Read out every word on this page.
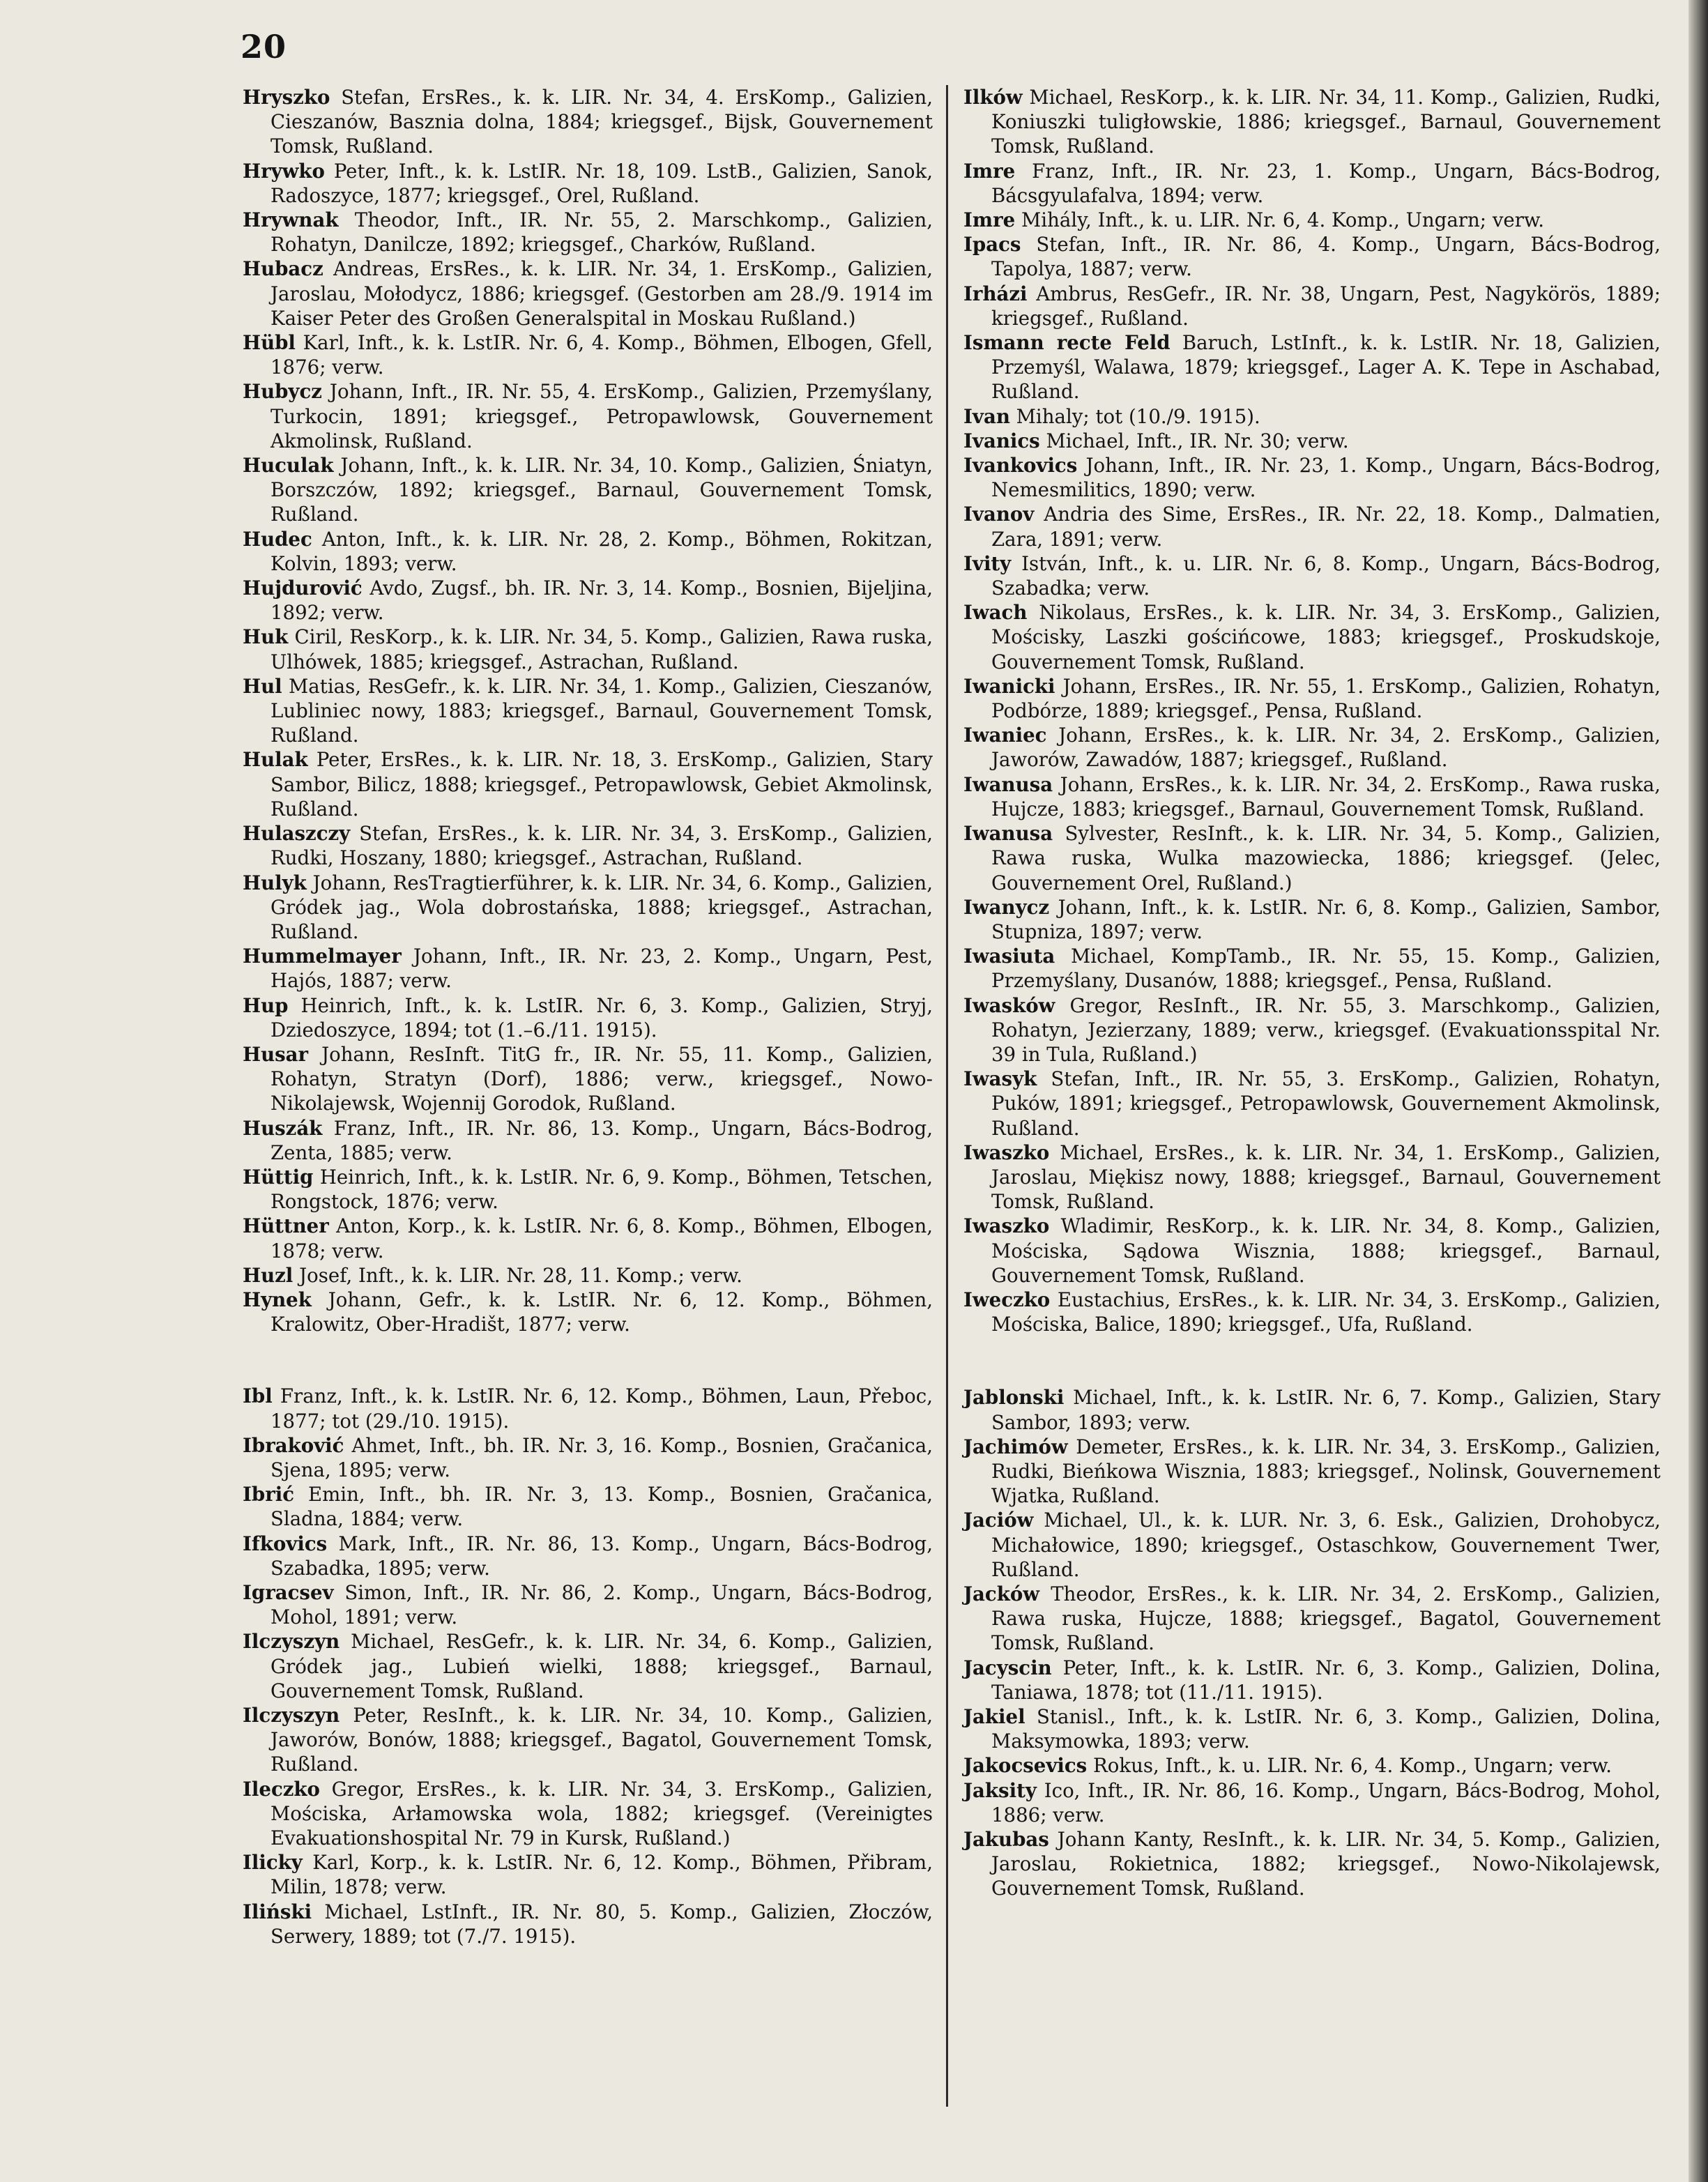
20
Hryszko Stefan, ErsRes., k. k. LIR. Nr. 34, 4. ErsKomp., Galizien, Cieszanów, Basznia dolna, 1884; kriegsgef., Bijsk, Gouvernement Tomsk, Rußland.
Hrywko Peter, Inft., k. k. LstIR. Nr. 18, 109. LstB., Galizien, Sanok, Radoszyce, 1877; kriegsgef., Orel, Rußland.
Hrywnak Theodor, Inft., IR. Nr. 55, 2. Marschkomp., Galizien, Rohatyn, Danilcze, 1892; kriegsgef., Charków, Rußland.
Hubacz Andreas, ErsRes., k. k. LIR. Nr. 34, 1. ErsKomp., Galizien, Jaroslau, Mołodycz, 1886; kriegsgef. (Gestorben am 28./9. 1914 im Kaiser Peter des Großen Generalspital in Moskau Rußland.)
Hübl Karl, Inft., k. k. LstIR. Nr. 6, 4. Komp., Böhmen, Elbogen, Gfell, 1876; verw.
Hubycz Johann, Inft., IR. Nr. 55, 4. ErsKomp., Galizien, Przemyślany, Turkocin, 1891; kriegsgef., Petropawlowsk, Gouvernement Akmolinsk, Rußland.
Huculak Johann, Inft., k. k. LIR. Nr. 34, 10. Komp., Galizien, Śniatyn, Borszczów, 1892; kriegsgef., Barnaul, Gouvernement Tomsk, Rußland.
Hudec Anton, Inft., k. k. LIR. Nr. 28, 2. Komp., Böhmen, Rokitzan, Kolvin, 1893; verw.
Hujdurović Avdo, Zugsf., bh. IR. Nr. 3, 14. Komp., Bosnien, Bijeljina, 1892; verw.
Huk Ciril, ResKorp., k. k. LIR. Nr. 34, 5. Komp., Galizien, Rawa ruska, Ulhówek, 1885; kriegsgef., Astrachan, Rußland.
Hul Matias, ResGefr., k. k. LIR. Nr. 34, 1. Komp., Galizien, Cieszanów, Lubliniec nowy, 1883; kriegsgef., Barnaul, Gouvernement Tomsk, Rußland.
Hulak Peter, ErsRes., k. k. LIR. Nr. 18, 3. ErsKomp., Galizien, Stary Sambor, Bilicz, 1888; kriegsgef., Petropawlowsk, Gebiet Akmolinsk, Rußland.
Hulaszczy Stefan, ErsRes., k. k. LIR. Nr. 34, 3. ErsKomp., Galizien, Rudki, Hoszany, 1880; kriegsgef., Astrachan, Rußland.
Hulyk Johann, ResTragtierführer, k. k. LIR. Nr. 34, 6. Komp., Galizien, Gródek jag., Wola dobrostańska, 1888; kriegsgef., Astrachan, Rußland.
Hummelmayer Johann, Inft., IR. Nr. 23, 2. Komp., Ungarn, Pest, Hajós, 1887; verw.
Hup Heinrich, Inft., k. k. LstIR. Nr. 6, 3. Komp., Galizien, Stryj, Dziedoszyce, 1894; tot (1.–6./11. 1915).
Husar Johann, ResInft. TitG fr., IR. Nr. 55, 11. Komp., Galizien, Rohatyn, Stratyn (Dorf), 1886; verw., kriegsgef., Nowo-Nikolajewsk, Wojennij Gorodok, Rußland.
Huszák Franz, Inft., IR. Nr. 86, 13. Komp., Ungarn, Bács-Bodrog, Zenta, 1885; verw.
Hüttig Heinrich, Inft., k. k. LstIR. Nr. 6, 9. Komp., Böhmen, Tetschen, Rongstock, 1876; verw.
Hüttner Anton, Korp., k. k. LstIR. Nr. 6, 8. Komp., Böhmen, Elbogen, 1878; verw.
Huzl Josef, Inft., k. k. LIR. Nr. 28, 11. Komp.; verw.
Hynek Johann, Gefr., k. k. LstIR. Nr. 6, 12. Komp., Böhmen, Kralowitz, Ober-Hradišt, 1877; verw.
Ibl Franz, Inft., k. k. LstIR. Nr. 6, 12. Komp., Böhmen, Laun, Přeboc, 1877; tot (29./10. 1915).
Ibraković Ahmet, Inft., bh. IR. Nr. 3, 16. Komp., Bosnien, Gračanica, Sjena, 1895; verw.
Ibrić Emin, Inft., bh. IR. Nr. 3, 13. Komp., Bosnien, Gračanica, Sladna, 1884; verw.
Ifkovics Mark, Inft., IR. Nr. 86, 13. Komp., Ungarn, Bács-Bodrog, Szabadka, 1895; verw.
Igracsev Simon, Inft., IR. Nr. 86, 2. Komp., Ungarn, Bács-Bodrog, Mohol, 1891; verw.
Ilczyszyn Michael, ResGefr., k. k. LIR. Nr. 34, 6. Komp., Galizien, Gródek jag., Lubień wielki, 1888; kriegsgef., Barnaul, Gouvernement Tomsk, Rußland.
Ilczyszyn Peter, ResInft., k. k. LIR. Nr. 34, 10. Komp., Galizien, Jaworów, Bonów, 1888; kriegsgef., Bagatol, Gouvernement Tomsk, Rußland.
Ileczko Gregor, ErsRes., k. k. LIR. Nr. 34, 3. ErsKomp., Galizien, Mościska, Arłamowska wola, 1882; kriegsgef. (Vereinigtes Evakuationshospital Nr. 79 in Kursk, Rußland.)
Ilicky Karl, Korp., k. k. LstIR. Nr. 6, 12. Komp., Böhmen, Přibram, Milin, 1878; verw.
Iliński Michael, LstInft., IR. Nr. 80, 5. Komp., Galizien, Złoczów, Serwery, 1889; tot (7./7. 1915).
Ilków Michael, ResKorp., k. k. LIR. Nr. 34, 11. Komp., Galizien, Rudki, Koniuszki tuligłowskie, 1886; kriegsgef., Barnaul, Gouvernement Tomsk, Rußland.
Imre Franz, Inft., IR. Nr. 23, 1. Komp., Ungarn, Bács-Bodrog, Bácsgyulafalva, 1894; verw.
Imre Mihály, Inft., k. u. LIR. Nr. 6, 4. Komp., Ungarn; verw.
Ipacs Stefan, Inft., IR. Nr. 86, 4. Komp., Ungarn, Bács-Bodrog, Tapolya, 1887; verw.
Irházi Ambrus, ResGefr., IR. Nr. 38, Ungarn, Pest, Nagykörös, 1889; kriegsgef., Rußland.
Ismann recte Feld Baruch, LstInft., k. k. LstIR. Nr. 18, Galizien, Przemyśl, Walawa, 1879; kriegsgef., Lager A. K. Tepe in Aschabad, Rußland.
Ivan Mihaly; tot (10./9. 1915).
Ivanics Michael, Inft., IR. Nr. 30; verw.
Ivankovics Johann, Inft., IR. Nr. 23, 1. Komp., Ungarn, Bács-Bodrog, Nemesmilitics, 1890; verw.
Ivanov Andria des Sime, ErsRes., IR. Nr. 22, 18. Komp., Dalmatien, Zara, 1891; verw.
Ivity István, Inft., k. u. LIR. Nr. 6, 8. Komp., Ungarn, Bács-Bodrog, Szabadka; verw.
Iwach Nikolaus, ErsRes., k. k. LIR. Nr. 34, 3. ErsKomp., Galizien, Mościsky, Laszki gościńcowe, 1883; kriegsgef., Proskudskoje, Gouvernement Tomsk, Rußland.
Iwanicki Johann, ErsRes., IR. Nr. 55, 1. ErsKomp., Galizien, Rohatyn, Podbórze, 1889; kriegsgef., Pensa, Rußland.
Iwaniec Johann, ErsRes., k. k. LIR. Nr. 34, 2. ErsKomp., Galizien, Jaworów, Zawadów, 1887; kriegsgef., Rußland.
Iwanusa Johann, ErsRes., k. k. LIR. Nr. 34, 2. ErsKomp., Rawa ruska, Hujcze, 1883; kriegsgef., Barnaul, Gouvernement Tomsk, Rußland.
Iwanusa Sylvester, ResInft., k. k. LIR. Nr. 34, 5. Komp., Galizien, Rawa ruska, Wulka mazowiecka, 1886; kriegsgef. (Jelec, Gouvernement Orel, Rußland.)
Iwanycz Johann, Inft., k. k. LstIR. Nr. 6, 8. Komp., Galizien, Sambor, Stupniza, 1897; verw.
Iwasiuta Michael, KompTamb., IR. Nr. 55, 15. Komp., Galizien, Przemyślany, Dusanów, 1888; kriegsgef., Pensa, Rußland.
Iwasków Gregor, ResInft., IR. Nr. 55, 3. Marschkomp., Galizien, Rohatyn, Jezierzany, 1889; verw., kriegsgef. (Evakuationsspital Nr. 39 in Tula, Rußland.)
Iwasyk Stefan, Inft., IR. Nr. 55, 3. ErsKomp., Galizien, Rohatyn, Puków, 1891; kriegsgef., Petropawlowsk, Gouvernement Akmolinsk, Rußland.
Iwaszko Michael, ErsRes., k. k. LIR. Nr. 34, 1. ErsKomp., Galizien, Jaroslau, Miękisz nowy, 1888; kriegsgef., Barnaul, Gouvernement Tomsk, Rußland.
Iwaszko Wladimir, ResKorp., k. k. LIR. Nr. 34, 8. Komp., Galizien, Mościska, Sądowa Wisznia, 1888; kriegsgef., Barnaul, Gouvernement Tomsk, Rußland.
Iweczko Eustachius, ErsRes., k. k. LIR. Nr. 34, 3. ErsKomp., Galizien, Mościska, Balice, 1890; kriegsgef., Ufa, Rußland.
Jablonski Michael, Inft., k. k. LstIR. Nr. 6, 7. Komp., Galizien, Stary Sambor, 1893; verw.
Jachimów Demeter, ErsRes., k. k. LIR. Nr. 34, 3. ErsKomp., Galizien, Rudki, Bieńkowa Wisznia, 1883; kriegsgef., Nolinsk, Gouvernement Wjatka, Rußland.
Jaciów Michael, Ul., k. k. LUR. Nr. 3, 6. Esk., Galizien, Drohobycz, Michałowice, 1890; kriegsgef., Ostaschkow, Gouvernement Twer, Rußland.
Jacków Theodor, ErsRes., k. k. LIR. Nr. 34, 2. ErsKomp., Galizien, Rawa ruska, Hujcze, 1888; kriegsgef., Bagatol, Gouvernement Tomsk, Rußland.
Jacyscin Peter, Inft., k. k. LstIR. Nr. 6, 3. Komp., Galizien, Dolina, Taniawa, 1878; tot (11./11. 1915).
Jakiel Stanisl., Inft., k. k. LstIR. Nr. 6, 3. Komp., Galizien, Dolina, Maksymowka, 1893; verw.
Jakocsevics Rokus, Inft., k. u. LIR. Nr. 6, 4. Komp., Ungarn; verw.
Jaksity Ico, Inft., IR. Nr. 86, 16. Komp., Ungarn, Bács-Bodrog, Mohol, 1886; verw.
Jakubas Johann Kanty, ResInft., k. k. LIR. Nr. 34, 5. Komp., Galizien, Jaroslau, Rokietnica, 1882; kriegsgef., Nowo-Nikolajewsk, Gouvernement Tomsk, Rußland.
